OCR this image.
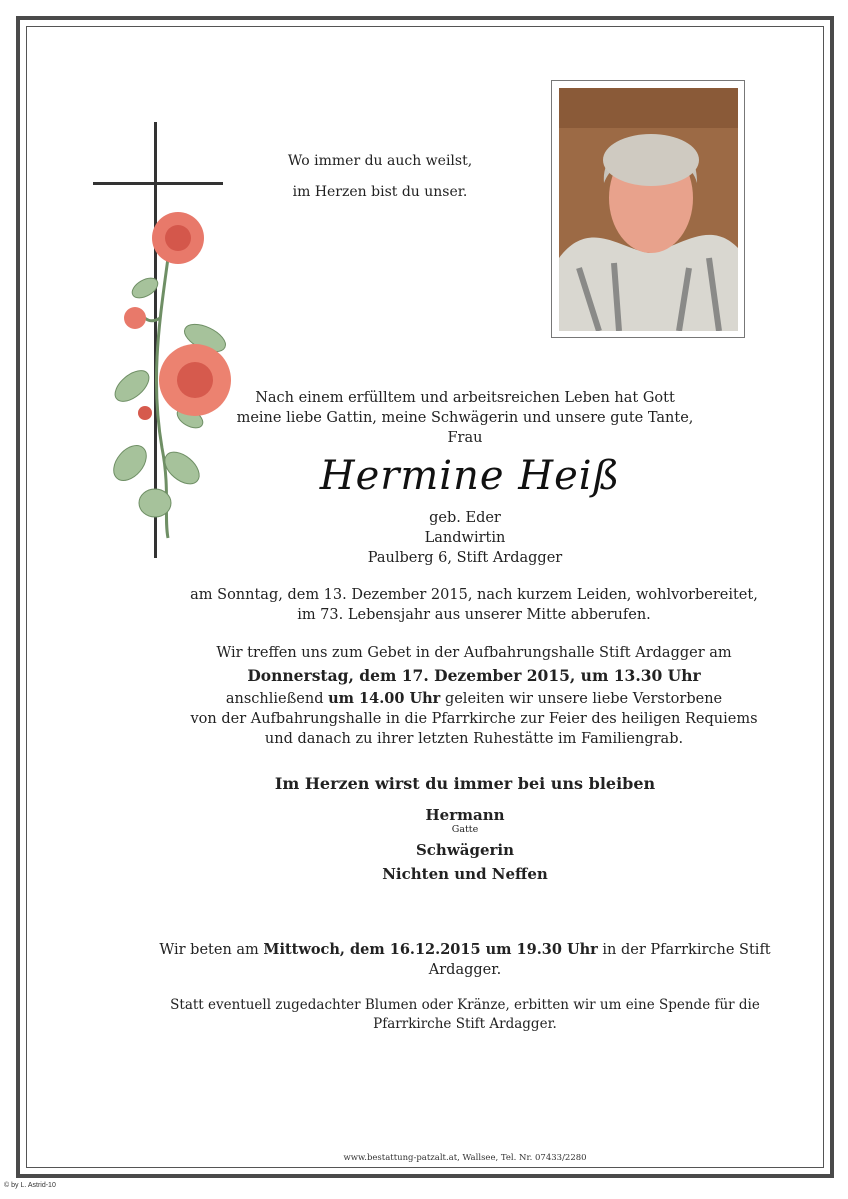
Wo immer du auch weilst,
im Herzen bist du unser.
Nach einem erfülltem und arbeitsreichen Leben hat Gott
meine liebe Gattin, meine Schwägerin und unsere gute Tante,
Frau
Hermine Heiß
geb. Eder
Landwirtin
Paulberg 6, Stift Ardagger
am Sonntag, dem 13. Dezember 2015, nach kurzem Leiden, wohlvorbereitet,
im 73. Lebensjahr aus unserer Mitte abberufen.
Wir treffen uns zum Gebet in der Aufbahrungshalle Stift Ardagger am
Donnerstag, dem 17. Dezember 2015, um 13.30 Uhr
anschließend um 14.00 Uhr geleiten wir unsere liebe Verstorbene
von der Aufbahrungshalle in die Pfarrkirche zur Feier des heiligen Requiems
und danach zu ihrer letzten Ruhestätte im Familiengrab.
Im Herzen wirst du immer bei uns bleiben
Hermann
Gatte
Schwägerin
Nichten und Neffen
Wir beten am Mittwoch, dem 16.12.2015 um 19.30 Uhr in der Pfarrkirche Stift
Ardagger.
Statt eventuell zugedachter Blumen oder Kränze, erbitten wir um eine Spende für die
Pfarrkirche Stift Ardagger.
www.bestattung-patzalt.at, Wallsee, Tel. Nr. 07433/2280
© by L. Astrid-10
